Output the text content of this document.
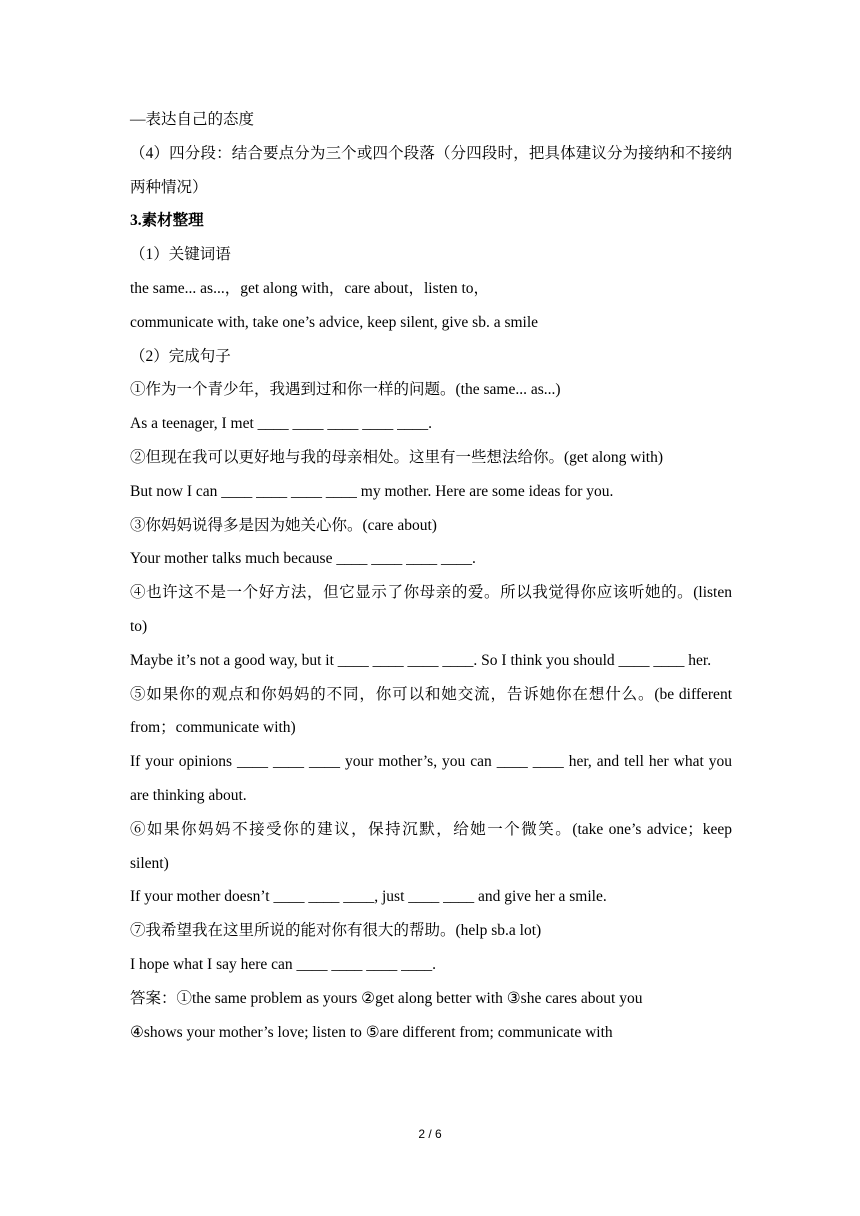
—表达自己的态度

（4）四分段：结合要点分为三个或四个段落（分四段时，把具体建议分为接纳和不接纳两种情况）

3.素材整理

（1）关键词语

the same... as...，get along with，care about，listen to，

communicate with, take one’s advice, keep silent, give sb. a smile

（2）完成句子

①作为一个青少年，我遇到过和你一样的问题。(the same... as...)

As a teenager, I met ____ ____ ____ ____ ____.

②但现在我可以更好地与我的母亲相处。这里有一些想法给你。(get along with)

But now I can ____ ____ ____ ____ my mother. Here are some ideas for you.

③你妈妈说得多是因为她关心你。(care about)

Your mother talks much because ____ ____ ____ ____.

④也许这不是一个好方法，但它显示了你母亲的爱。所以我觉得你应该听她的。(listen to)

Maybe it’s not a good way, but it ____ ____ ____ ____. So I think you should ____ ____ her.

⑤如果你的观点和你妈妈的不同，你可以和她交流，告诉她你在想什么。(be different from；communicate with)

If your opinions ____ ____ ____ your mother’s, you can ____ ____ her, and tell her what you are thinking about.

⑥如果你妈妈不接受你的建议，保持沉默，给她一个微笑。(take one’s advice；keep silent)

If your mother doesn’t ____ ____ ____, just ____ ____ and give her a smile.

⑦我希望我在这里所说的能对你有很大的帮助。(help sb.a lot)

I hope what I say here can ____ ____ ____ ____.

答案：①the same problem as yours ②get along better with ③she cares about you

④shows your mother’s love; listen to ⑤are different from; communicate with

2 / 6
